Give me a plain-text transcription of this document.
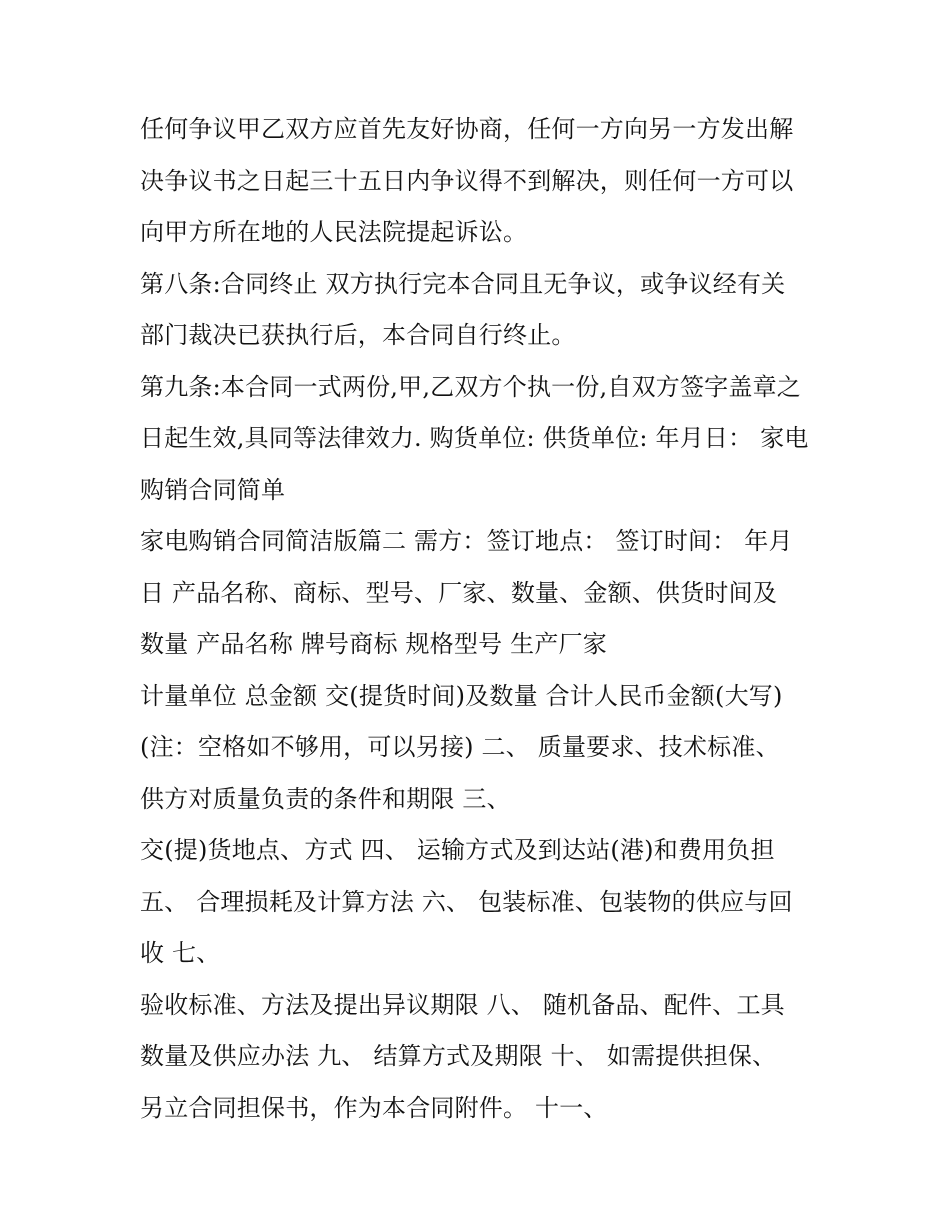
任何争议甲乙双方应首先友好协商，任何一方向另一方发出解
决争议书之日起三十五日内争议得不到解决，则任何一方可以
向甲方所在地的人民法院提起诉讼。
第八条:合同终止 双方执行完本合同且无争议，或争议经有关
部门裁决已获执行后，本合同自行终止。
第九条:本合同一式两份,甲,乙双方个执一份,自双方签字盖章之
日起生效,具同等法律效力. 购货单位: 供货单位: 年月日： 家电
购销合同简单
家电购销合同简洁版篇二 需方：签订地点： 签订时间： 年月
日 产品名称、商标、型号、厂家、数量、金额、供货时间及
数量 产品名称 牌号商标 规格型号 生产厂家
计量单位 总金额 交(提货时间)及数量 合计人民币金额(大写)
(注：空格如不够用，可以另接) 二、 质量要求、技术标准、
供方对质量负责的条件和期限 三、
交(提)货地点、方式 四、 运输方式及到达站(港)和费用负担
五、 合理损耗及计算方法 六、 包装标准、包装物的供应与回
收 七、
验收标准、方法及提出异议期限 八、 随机备品、配件、工具
数量及供应办法 九、 结算方式及期限 十、 如需提供担保、
另立合同担保书，作为本合同附件。 十一、
